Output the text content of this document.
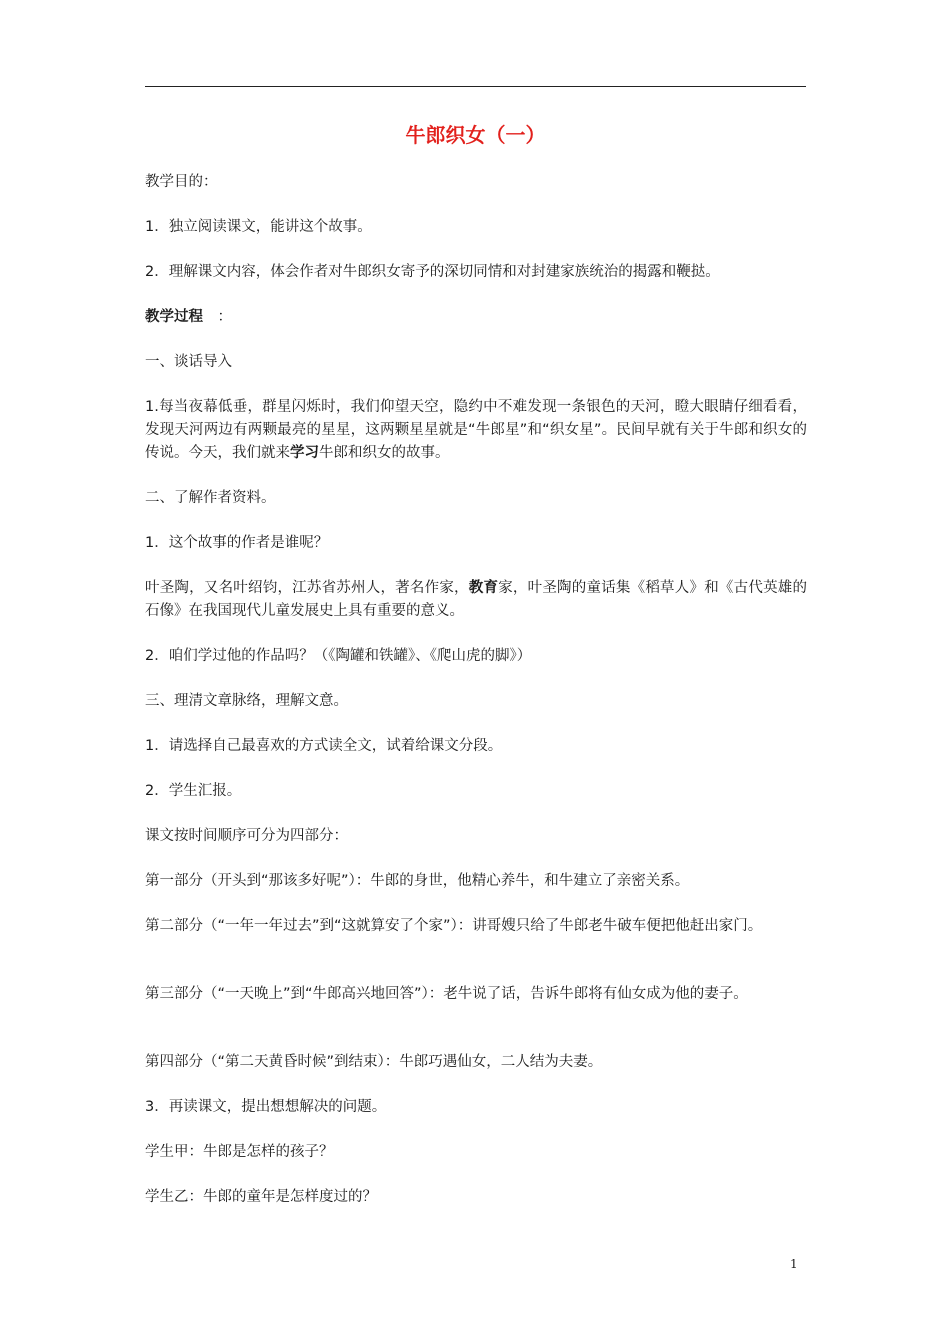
牛郎织女（一）
教学目的：
1．独立阅读课文，能讲这个故事。
2．理解课文内容，体会作者对牛郎织女寄予的深切同情和对封建家族统治的揭露和鞭挞。
教学过程　：
一、谈话导入
1.每当夜幕低垂，群星闪烁时，我们仰望天空，隐约中不难发现一条银色的天河，瞪大眼睛仔细看看，发现天河两边有两颗最亮的星星，这两颗星星就是“牛郎星”和“织女星”。民间早就有关于牛郎和织女的传说。今天，我们就来学习牛郎和织女的故事。
二、了解作者资料。
1．这个故事的作者是谁呢？
叶圣陶，又名叶绍钧，江苏省苏州人，著名作家，教育家，叶圣陶的童话集《稻草人》和《古代英雄的石像》在我国现代儿童发展史上具有重要的意义。
2．咱们学过他的作品吗？（《陶罐和铁罐》、《爬山虎的脚》）
三、理清文章脉络，理解文意。
1．请选择自己最喜欢的方式读全文，试着给课文分段。
2．学生汇报。
课文按时间顺序可分为四部分：
第一部分（开头到“那该多好呢”）：牛郎的身世，他精心养牛，和牛建立了亲密关系。
第二部分（“一年一年过去”到“这就算安了个家”）：讲哥嫂只给了牛郎老牛破车便把他赶出家门。
第三部分（“一天晚上”到“牛郎高兴地回答”）：老牛说了话，告诉牛郎将有仙女成为他的妻子。
第四部分（“第二天黄昏时候”到结束）：牛郎巧遇仙女，二人结为夫妻。
3．再读课文，提出想想解决的问题。
学生甲：牛郎是怎样的孩子？
学生乙：牛郎的童年是怎样度过的？
1
